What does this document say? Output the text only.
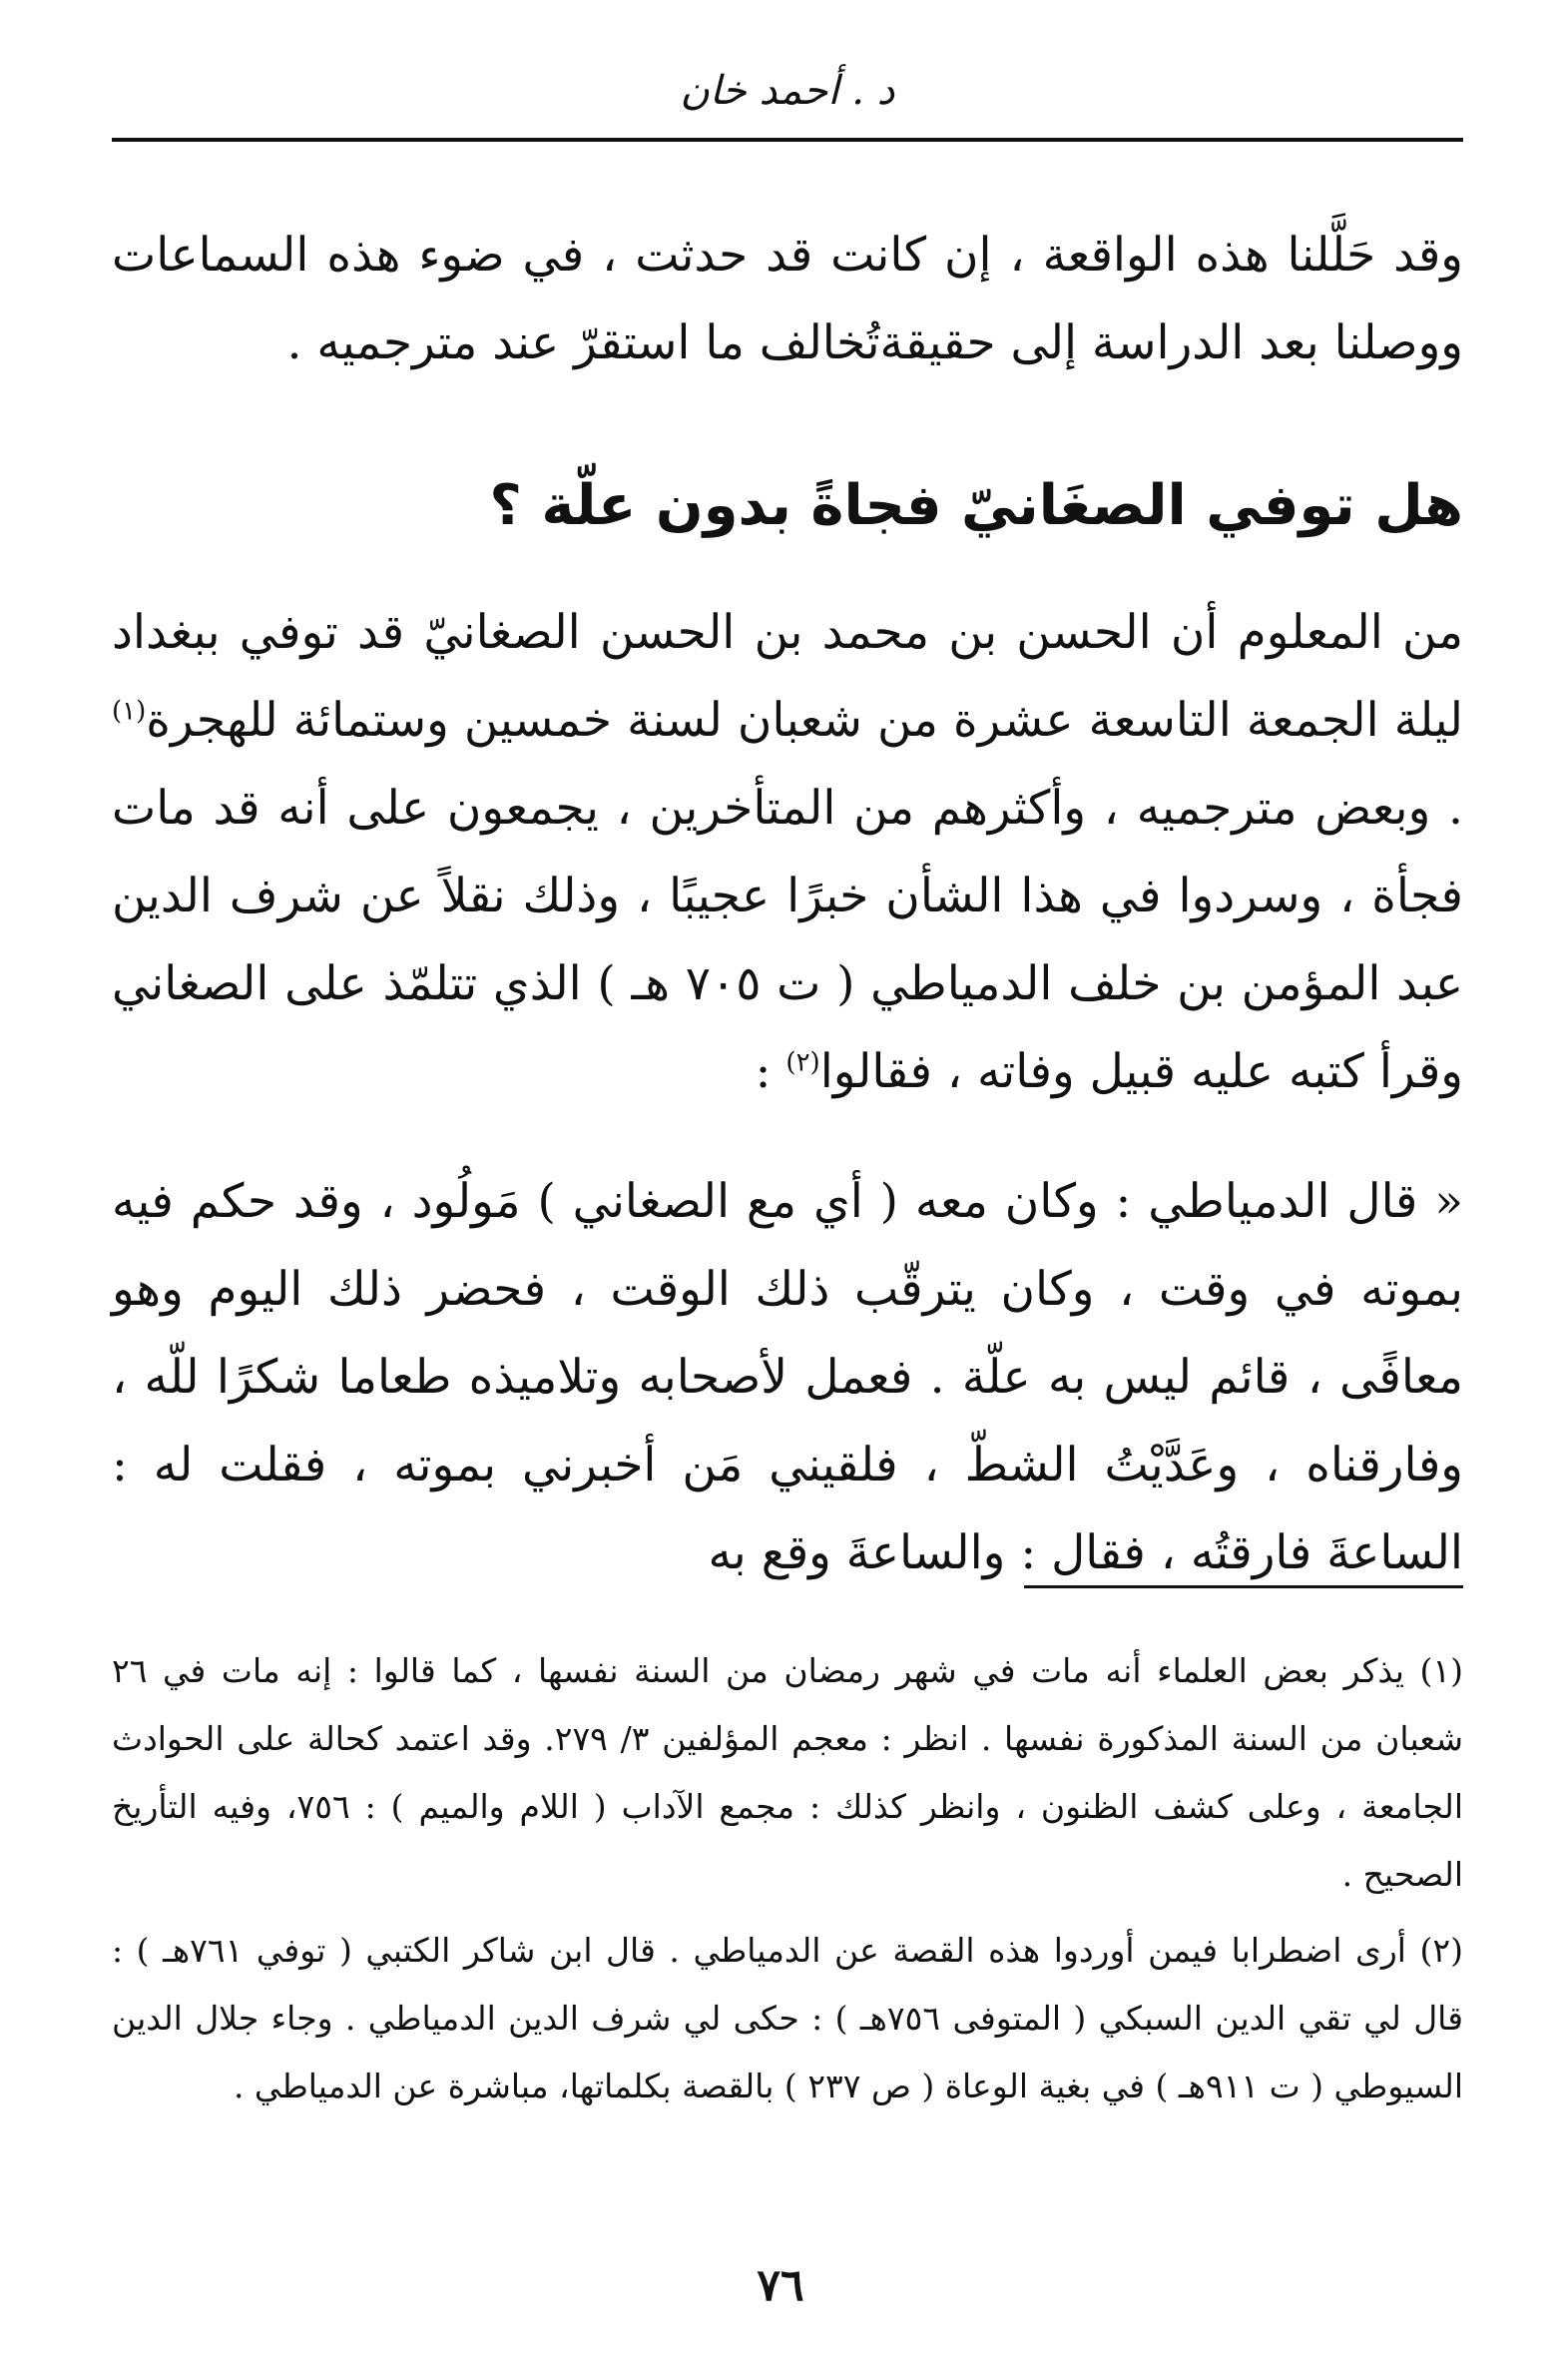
د . أحمد خان

وقد حَلَّلنا هذه الواقعة ، إن كانت قد حدثت ، في ضوء هذه السماعات ووصلنا بعد الدراسة إلى حقيقةتُخالف ما استقرّ عند مترجميه .

هل توفي الصغَانيّ فجاةً بدون علّة ؟

من المعلوم أن الحسن بن محمد بن الحسن الصغانيّ قد توفي ببغداد ليلة الجمعة التاسعة عشرة من شعبان لسنة خمسين وستمائة للهجرة$^{(١)}$ . وبعض مترجميه ، وأكثرهم من المتأخرين ، يجمعون على أنه قد مات فجأة ، وسردوا في هذا الشأن خبرًا عجيبًا ، وذلك نقلاً عن شرف الدين عبد المؤمن بن خلف الدمياطي ( ت ٧٠٥ هـ ) الذي تتلمّذ على الصغاني وقرأ كتبه عليه قبيل وفاته ، فقالوا$^{(٢)}$ :

« قال الدمياطي : وكان معه ( أي مع الصغاني ) مَولُود ، وقد حكم فيه بموته في وقت ، وكان يترقّب ذلك الوقت ، فحضر ذلك اليوم وهو معافًى ، قائم ليس به علّة . فعمل لأصحابه وتلاميذه طعاما شكرًا للّه ، وفارقناه ، وعَدَّيْتُ الشطّ ، فلقيني مَن أخبرني بموته ، فقلت له : الساعةَ فارقتُه ، فقال : والساعةَ وقع به

(١) يذكر بعض العلماء أنه مات في شهر رمضان من السنة نفسها ، كما قالوا : إنه مات في ٢٦ شعبان من السنة المذكورة نفسها . انظر : معجم المؤلفين ٣/ ٢٧٩. وقد اعتمد كحالة على الحوادث الجامعة ، وعلى كشف الظنون ، وانظر كذلك : مجمع الآداب ( اللام والميم ) : ٧٥٦، وفيه التأريخ الصحيح .

(٢) أرى اضطرابا فيمن أوردوا هذه القصة عن الدمياطي . قال ابن شاكر الكتبي ( توفي ٧٦١هـ ) : قال لي تقي الدين السبكي ( المتوفى ٧٥٦هـ ) : حكى لي شرف الدين الدمياطي . وجاء جلال الدين السيوطي ( ت ٩١١هـ ) في بغية الوعاة ( ص ٢٣٧ ) بالقصة بكلماتها، مباشرة عن الدمياطي .

٧٦
